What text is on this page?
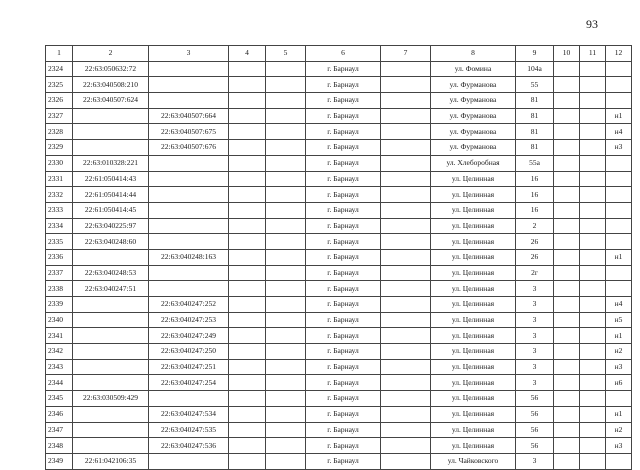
93
1	2	3	4	5	6	7	8	9	10	11	12
2324	22:63:050632:72				г. Барнаул		ул. Фомина	104а			
2325	22:63:040508:210				г. Барнаул		ул. Фурманова	55			
2326	22:63:040507:624				г. Барнаул		ул. Фурманова	81			
2327		22:63:040507:664			г. Барнаул		ул. Фурманова	81			н1
2328		22:63:040507:675			г. Барнаул		ул. Фурманова	81			н4
2329		22:63:040507:676			г. Барнаул		ул. Фурманова	81			н3
2330	22:63:010328:221				г. Барнаул		ул. Хлеборобная	55а			
2331	22:61:050414:43				г. Барнаул		ул. Целинная	16			
2332	22:61:050414:44				г. Барнаул		ул. Целинная	16			
2333	22:61:050414:45				г. Барнаул		ул. Целинная	16			
2334	22:63:040225:97				г. Барнаул		ул. Целинная	2			
2335	22:63:040248:60				г. Барнаул		ул. Целинная	26			
2336		22:63:040248:163			г. Барнаул		ул. Целинная	26			н1
2337	22:63:040248:53				г. Барнаул		ул. Целинная	2г			
2338	22:63:040247:51				г. Барнаул		ул. Целинная	3			
2339		22:63:040247:252			г. Барнаул		ул. Целинная	3			н4
2340		22:63:040247:253			г. Барнаул		ул. Целинная	3			н5
2341		22:63:040247:249			г. Барнаул		ул. Целинная	3			н1
2342		22:63:040247:250			г. Барнаул		ул. Целинная	3			н2
2343		22:63:040247:251			г. Барнаул		ул. Целинная	3			н3
2344		22:63:040247:254			г. Барнаул		ул. Целинная	3			н6
2345	22:63:030509:429				г. Барнаул		ул. Целинная	56			
2346		22:63:040247:534			г. Барнаул		ул. Целинная	56			н1
2347		22:63:040247:535			г. Барнаул		ул. Целинная	56			н2
2348		22:63:040247:536			г. Барнаул		ул. Целинная	56			н3
2349	22:61:042106:35				г. Барнаул		ул. Чайковского	3			
